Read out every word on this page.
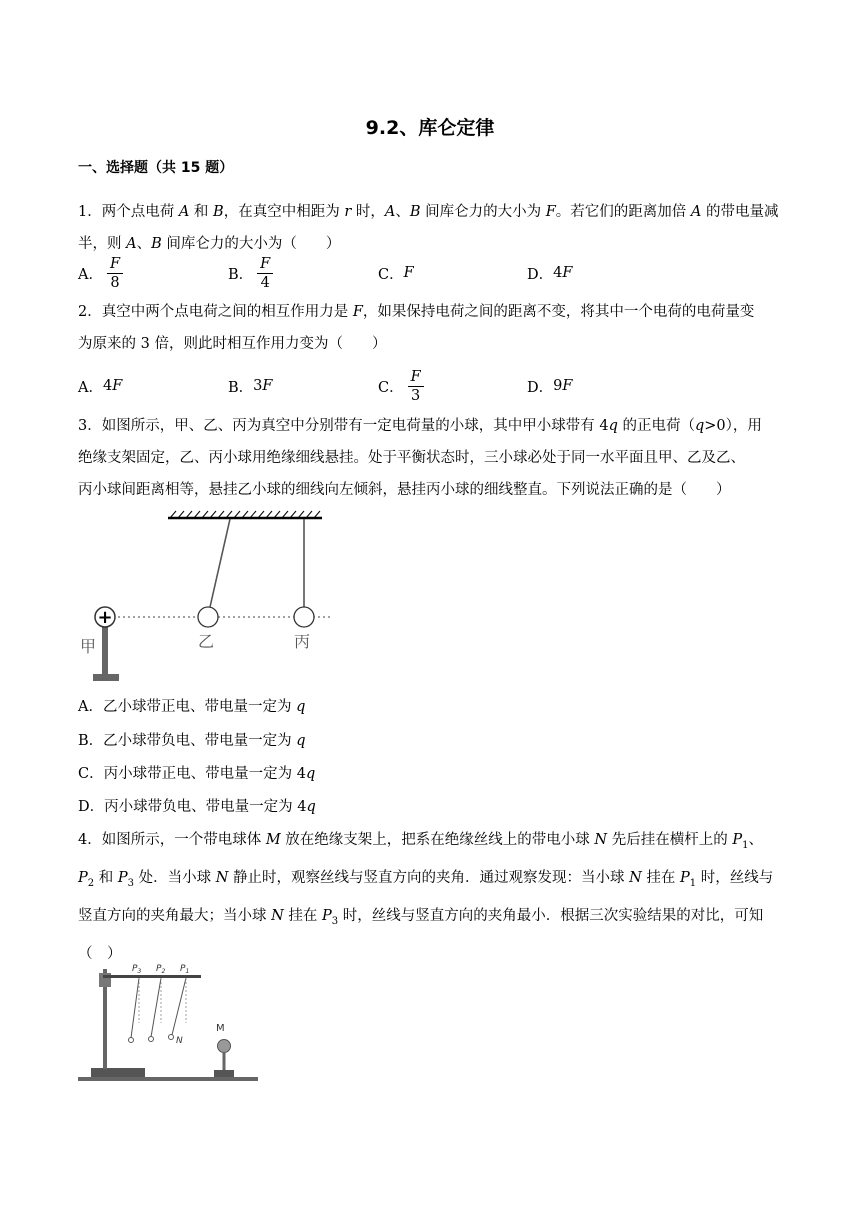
9.2、库仑定律
一、选择题（共 15 题）
1．两个点电荷 A 和 B，在真空中相距为 r 时，A、B 间库仑力的大小为 F。若它们的距离加倍 A 的带电量减
半，则 A、B 间库仑力的大小为（　　）
A． $\frac{F}{8}$	B． $\frac{F}{4}$	C． F	D． 4 F
2．真空中两个点电荷之间的相互作用力是 F，如果保持电荷之间的距离不变，将其中一个电荷的电荷量变
为原来的 3 倍，则此时相互作用力变为（　　）
A． 4 F	B． 3 F	C． $\frac{F}{3}$	D． 9 F
3．如图所示，甲、乙、丙为真空中分别带有一定电荷量的小球，其中甲小球带有 4q 的正电荷（q>0），用
绝缘支架固定，乙、丙小球用绝缘细线悬挂。处于平衡状态时，三小球必处于同一水平面且甲、乙及乙、
丙小球间距离相等，悬挂乙小球的细线向左倾斜，悬挂丙小球的细线整直。下列说法正确的是（　　）
+
甲	乙	丙
A．乙小球带正电、带电量一定为 q
B．乙小球带负电、带电量一定为 q
C．丙小球带正电、带电量一定为 4q
D．丙小球带负电、带电量一定为 4q
4．如图所示，一个带电球体 M 放在绝缘支架上，把系在绝缘丝线上的带电小球 N 先后挂在横杆上的 $P_1$、
$P_2$ 和 $P_3$ 处．当小球 N 静止时，观察丝线与竖直方向的夹角．通过观察发现：当小球 N 挂在 $P_1$ 时，丝线与
竖直方向的夹角最大；当小球 N 挂在 $P_3$ 时，丝线与竖直方向的夹角最小．根据三次实验结果的对比，可知
（　）
$P_3$ $P_2$ $P_1$
N
M
